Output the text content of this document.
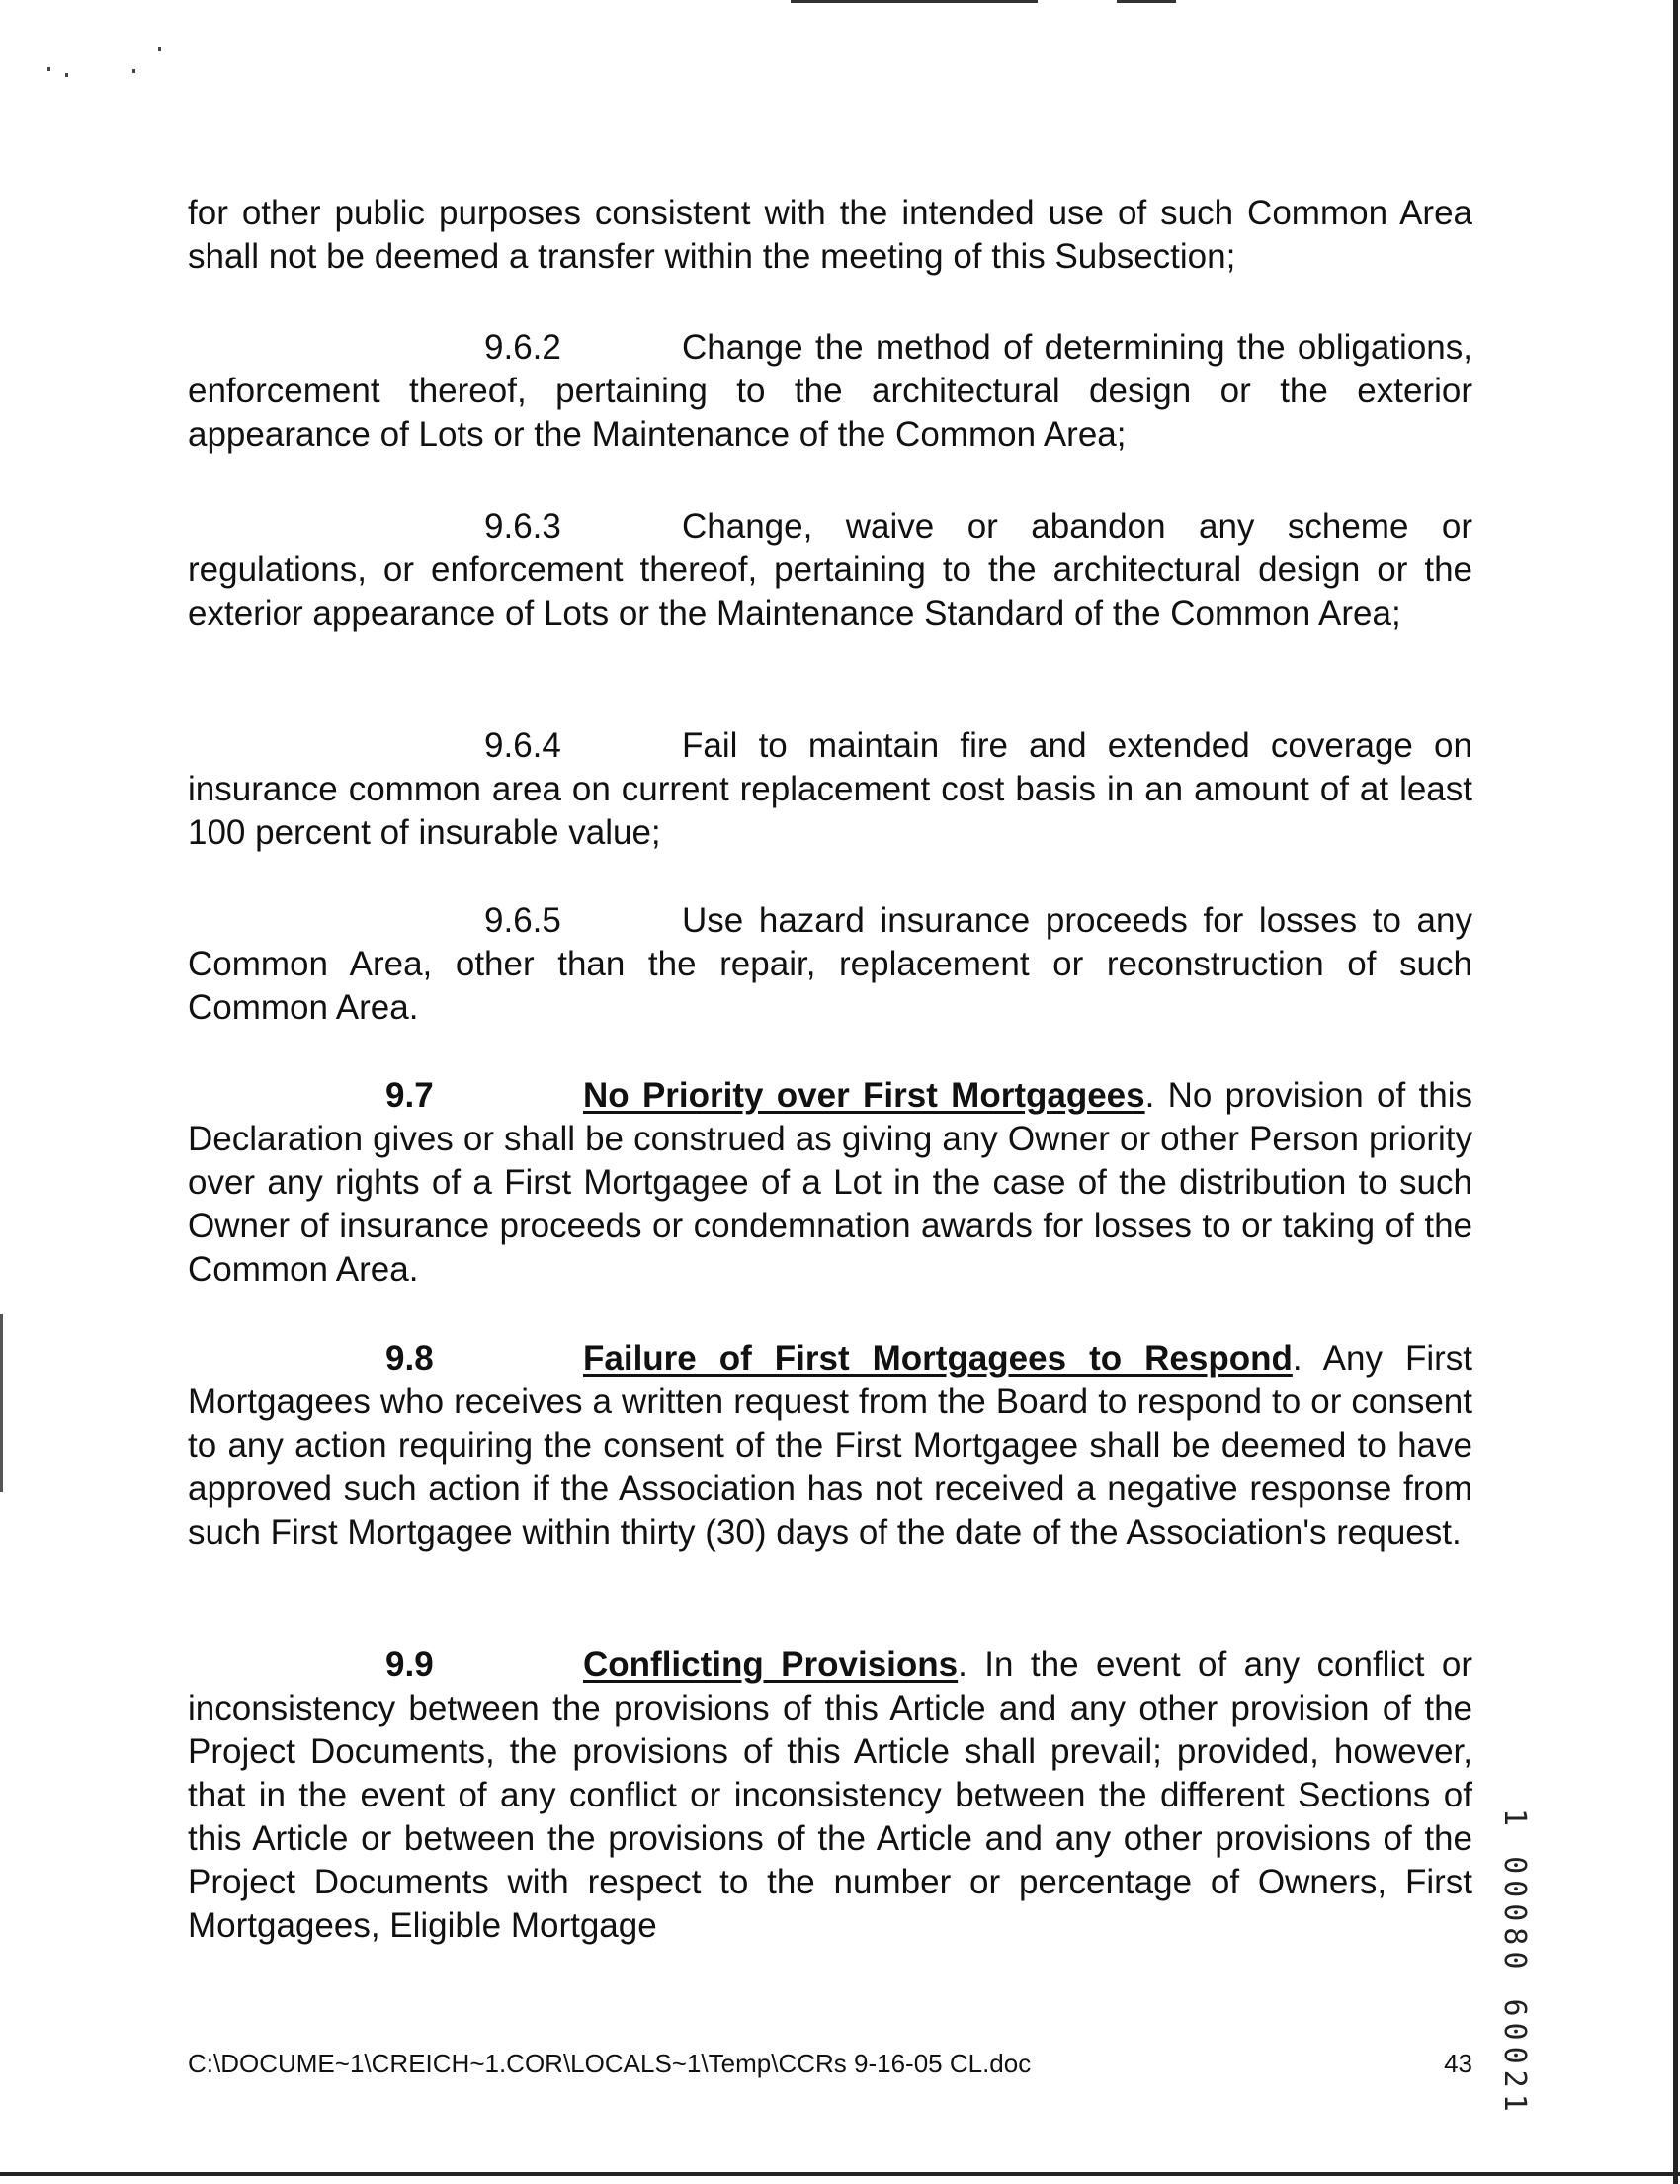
for other public purposes consistent with the intended use of such Common Area shall not be deemed a transfer within the meeting of this Subsection;

9.6.2	Change the method of determining the obligations, enforcement thereof, pertaining to the architectural design or the exterior appearance of Lots or the Maintenance of the Common Area;

9.6.3	Change, waive or abandon any scheme or regulations, or enforcement thereof, pertaining to the architectural design or the exterior appearance of Lots or the Maintenance Standard of the Common Area;

9.6.4	Fail to maintain fire and extended coverage on insurance common area on current replacement cost basis in an amount of at least 100 percent of insurable value;

9.6.5	Use hazard insurance proceeds for losses to any Common Area, other than the repair, replacement or reconstruction of such Common Area.

9.7	No Priority over First Mortgagees. No provision of this Declaration gives or shall be construed as giving any Owner or other Person priority over any rights of a First Mortgagee of a Lot in the case of the distribution to such Owner of insurance proceeds or condemnation awards for losses to or taking of the Common Area.

9.8	Failure of First Mortgagees to Respond. Any First Mortgagees who receives a written request from the Board to respond to or consent to any action requiring the consent of the First Mortgagee shall be deemed to have approved such action if the Association has not received a negative response from such First Mortgagee within thirty (30) days of the date of the Association's request.

9.9	Conflicting Provisions. In the event of any conflict or inconsistency between the provisions of this Article and any other provision of the Project Documents, the provisions of this Article shall prevail; provided, however, that in the event of any conflict or inconsistency between the different Sections of this Article or between the provisions of the Article and any other provisions of the Project Documents with respect to the number or percentage of Owners, First Mortgagees, Eligible Mortgage	1 00080 60021
C:\DOCUME~1\CREICH~1.COR\LOCALS~1\Temp\CCRs 9-16-05 CL.doc	43
